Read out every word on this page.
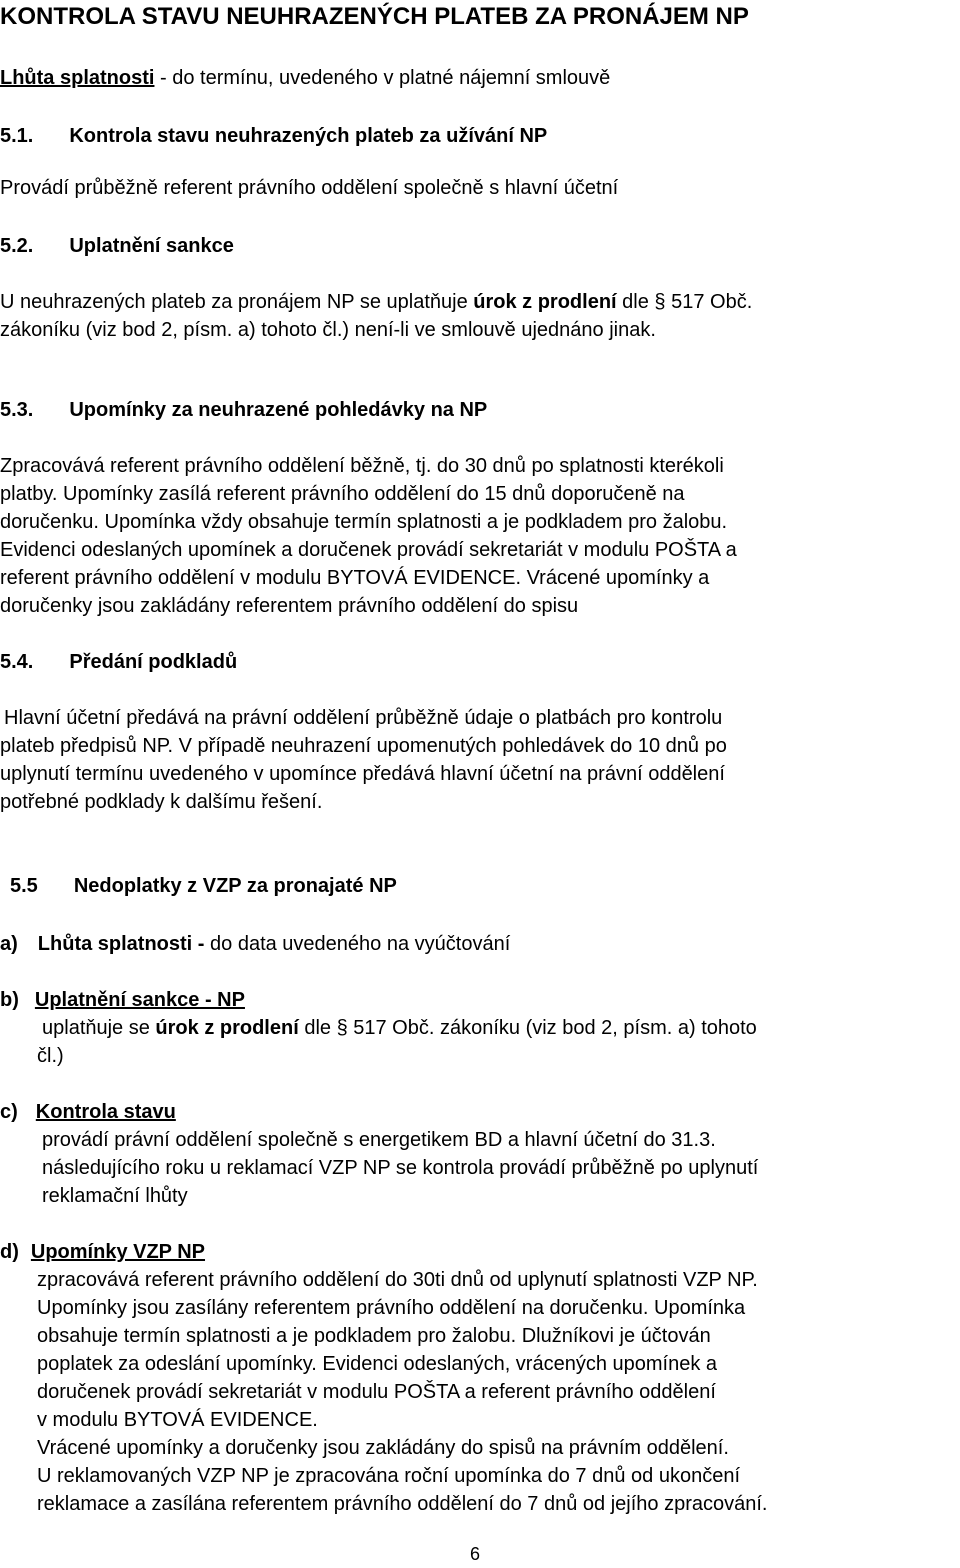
KONTROLA STAVU NEUHRAZENÝCH PLATEB ZA PRONÁJEM NP
Lhůta splatnosti - do termínu, uvedeného v platné nájemní smlouvě
5.1. Kontrola stavu neuhrazených plateb za užívání NP
Provádí průběžně referent právního oddělení společně s hlavní účetní
5.2. Uplatnění sankce
U neuhrazených plateb za pronájem NP se uplatňuje úrok z prodlení dle § 517 Obč.
zákoníku (viz bod 2, písm. a) tohoto čl.) není-li ve smlouvě ujednáno jinak.
5.3. Upomínky za neuhrazené pohledávky na NP
Zpracovává referent právního oddělení běžně, tj. do 30 dnů po splatnosti kterékoli
platby. Upomínky zasílá referent právního oddělení do 15 dnů doporučeně na
doručenku. Upomínka vždy obsahuje termín splatnosti a je podkladem pro žalobu.
Evidenci odeslaných upomínek a doručenek provádí sekretariát v modulu POŠTA a
referent právního oddělení v modulu BYTOVÁ EVIDENCE. Vrácené upomínky a
doručenky jsou zakládány referentem právního oddělení do spisu
5.4. Předání podkladů
Hlavní účetní předává na právní oddělení průběžně údaje o platbách pro kontrolu
plateb předpisů NP. V případě neuhrazení upomenutých pohledávek do 10 dnů po
uplynutí termínu uvedeného v upomínce předává hlavní účetní na právní oddělení
potřebné podklady k dalšímu řešení.
5.5 Nedoplatky z VZP za pronajaté NP
a) Lhůta splatnosti - do data uvedeného na vyúčtování
b) Uplatnění sankce - NP
uplatňuje se úrok z prodlení dle § 517 Obč. zákoníku (viz bod 2, písm. a) tohoto
čl.)
c) Kontrola stavu
provádí právní oddělení společně s energetikem BD a hlavní účetní do 31.3.
následujícího roku u reklamací VZP NP se kontrola provádí průběžně po uplynutí
reklamační lhůty
d) Upomínky VZP NP
zpracovává referent právního oddělení do 30ti dnů od uplynutí splatnosti VZP NP.
Upomínky jsou zasílány referentem právního oddělení na doručenku. Upomínka
obsahuje termín splatnosti a je podkladem pro žalobu. Dlužníkovi je účtován
poplatek za odeslání upomínky. Evidenci odeslaných, vrácených upomínek a
doručenek provádí sekretariát v modulu POŠTA a referent právního oddělení
v modulu BYTOVÁ EVIDENCE.
Vrácené upomínky a doručenky jsou zakládány do spisů na právním oddělení.
U reklamovaných VZP NP je zpracována roční upomínka do 7 dnů od ukončení
reklamace a zasílána referentem právního oddělení do 7 dnů od jejího zpracování.
6
